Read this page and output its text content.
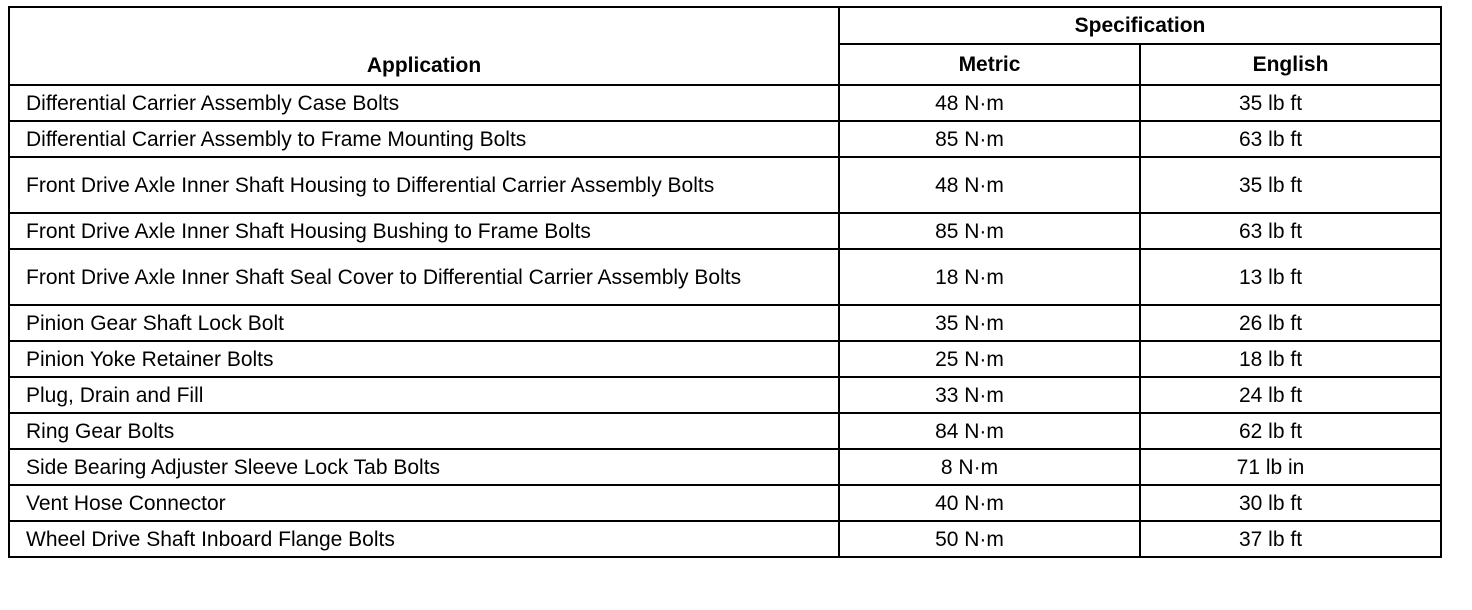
Application	Specification	
	Metric	English
Differential Carrier Assembly Case Bolts	48 N·m	35 lb ft
Differential Carrier Assembly to Frame Mounting Bolts	85 N·m	63 lb ft
Front Drive Axle Inner Shaft Housing to Differential Carrier Assembly Bolts	48 N·m	35 lb ft
Front Drive Axle Inner Shaft Housing Bushing to Frame Bolts	85 N·m	63 lb ft
Front Drive Axle Inner Shaft Seal Cover to Differential Carrier Assembly Bolts	18 N·m	13 lb ft
Pinion Gear Shaft Lock Bolt	35 N·m	26 lb ft
Pinion Yoke Retainer Bolts	25 N·m	18 lb ft
Plug, Drain and Fill	33 N·m	24 lb ft
Ring Gear Bolts	84 N·m	62 lb ft
Side Bearing Adjuster Sleeve Lock Tab Bolts	8 N·m	71 lb in
Vent Hose Connector	40 N·m	30 lb ft
Wheel Drive Shaft Inboard Flange Bolts	50 N·m	37 lb ft
